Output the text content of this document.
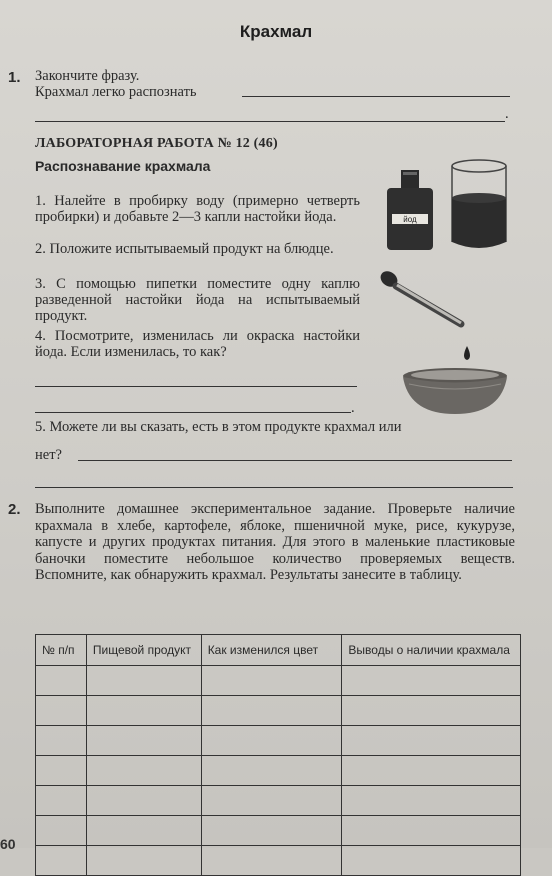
Крахмал
1. Закончите фразу.
Крахмал легко распознать
.
ЛАБОРАТОРНАЯ РАБОТА № 12 (46)
Распознавание крахмала
1. Налейте в пробирку воду (примерно четверть пробирки) и добавьте 2—3 капли настойки йода.
2. Положите испытываемый продукт на блюдце.
3. С помощью пипетки поместите одну каплю разведенной настойки йода на испытываемый продукт.
4. Посмотрите, изменилась ли окраска настойки йода. Если изменилась, то как?
.
5. Можете ли вы сказать, есть в этом продукте крахмал или
нет?
йод
2. Выполните домашнее экспериментальное задание. Проверьте наличие крахмала в хлебе, картофеле, яблоке, пшеничной муке, рисе, кукурузе, капусте и других продуктах питания. Для этого в маленькие пластиковые баночки поместите небольшое количество проверяемых веществ. Вспомните, как обнаружить крахмал. Результаты занесите в таблицу.
№ п/п	Пищевой продукт	Как изменился цвет	Выводы о наличии крахмала

60
